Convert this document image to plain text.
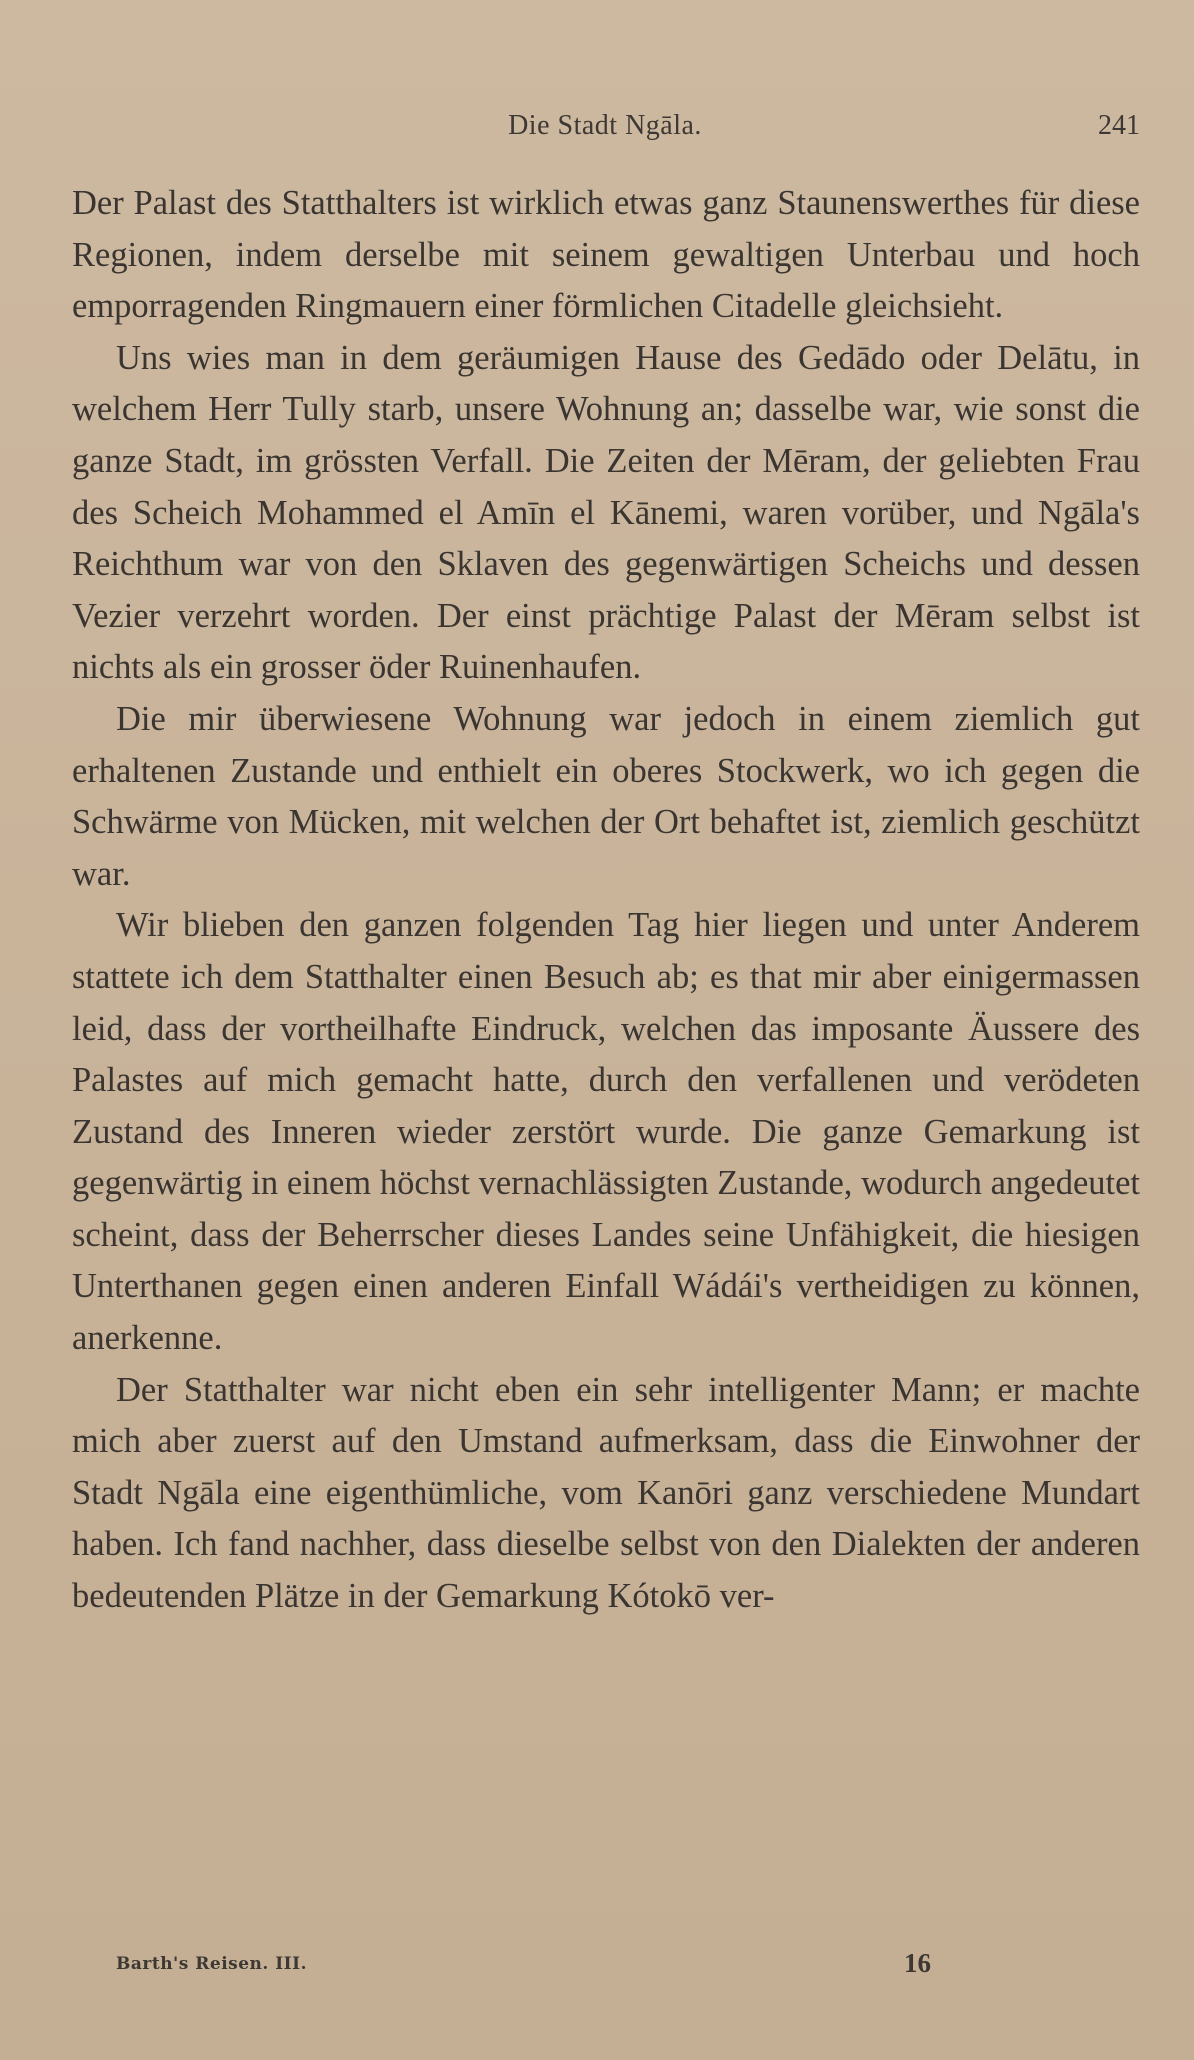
Die Stadt Ngāla.	241

Der Palast des Statthalters ist wirklich etwas ganz Staunenswerthes für diese Regionen, indem derselbe mit seinem gewaltigen Unterbau und hoch emporragenden Ringmauern einer förmlichen Citadelle gleichsieht.

Uns wies man in dem geräumigen Hause des Gedādo oder Delātu, in welchem Herr Tully starb, unsere Wohnung an; dasselbe war, wie sonst die ganze Stadt, im grössten Verfall. Die Zeiten der Mēram, der geliebten Frau des Scheich Mohammed el Amīn el Kānemi, waren vorüber, und Ngāla's Reichthum war von den Sklaven des gegenwärtigen Scheichs und dessen Vezier verzehrt worden. Der einst prächtige Palast der Mēram selbst ist nichts als ein grosser öder Ruinenhaufen.

Die mir überwiesene Wohnung war jedoch in einem ziemlich gut erhaltenen Zustande und enthielt ein oberes Stockwerk, wo ich gegen die Schwärme von Mücken, mit welchen der Ort behaftet ist, ziemlich geschützt war.

Wir blieben den ganzen folgenden Tag hier liegen und unter Anderem stattete ich dem Statthalter einen Besuch ab; es that mir aber einigermassen leid, dass der vortheilhafte Eindruck, welchen das imposante Äussere des Palastes auf mich gemacht hatte, durch den verfallenen und verödeten Zustand des Inneren wieder zerstört wurde. Die ganze Gemarkung ist gegenwärtig in einem höchst vernachlässigten Zustande, wodurch angedeutet scheint, dass der Beherrscher dieses Landes seine Unfähigkeit, die hiesigen Unterthanen gegen einen anderen Einfall Wádái's vertheidigen zu können, anerkenne.

Der Statthalter war nicht eben ein sehr intelligenter Mann; er machte mich aber zuerst auf den Umstand aufmerksam, dass die Einwohner der Stadt Ngāla eine eigenthümliche, vom Kanōri ganz verschiedene Mundart haben. Ich fand nachher, dass dieselbe selbst von den Dialekten der anderen bedeutenden Plätze in der Gemarkung Kótokō ver-

Barth's Reisen. III.	16
